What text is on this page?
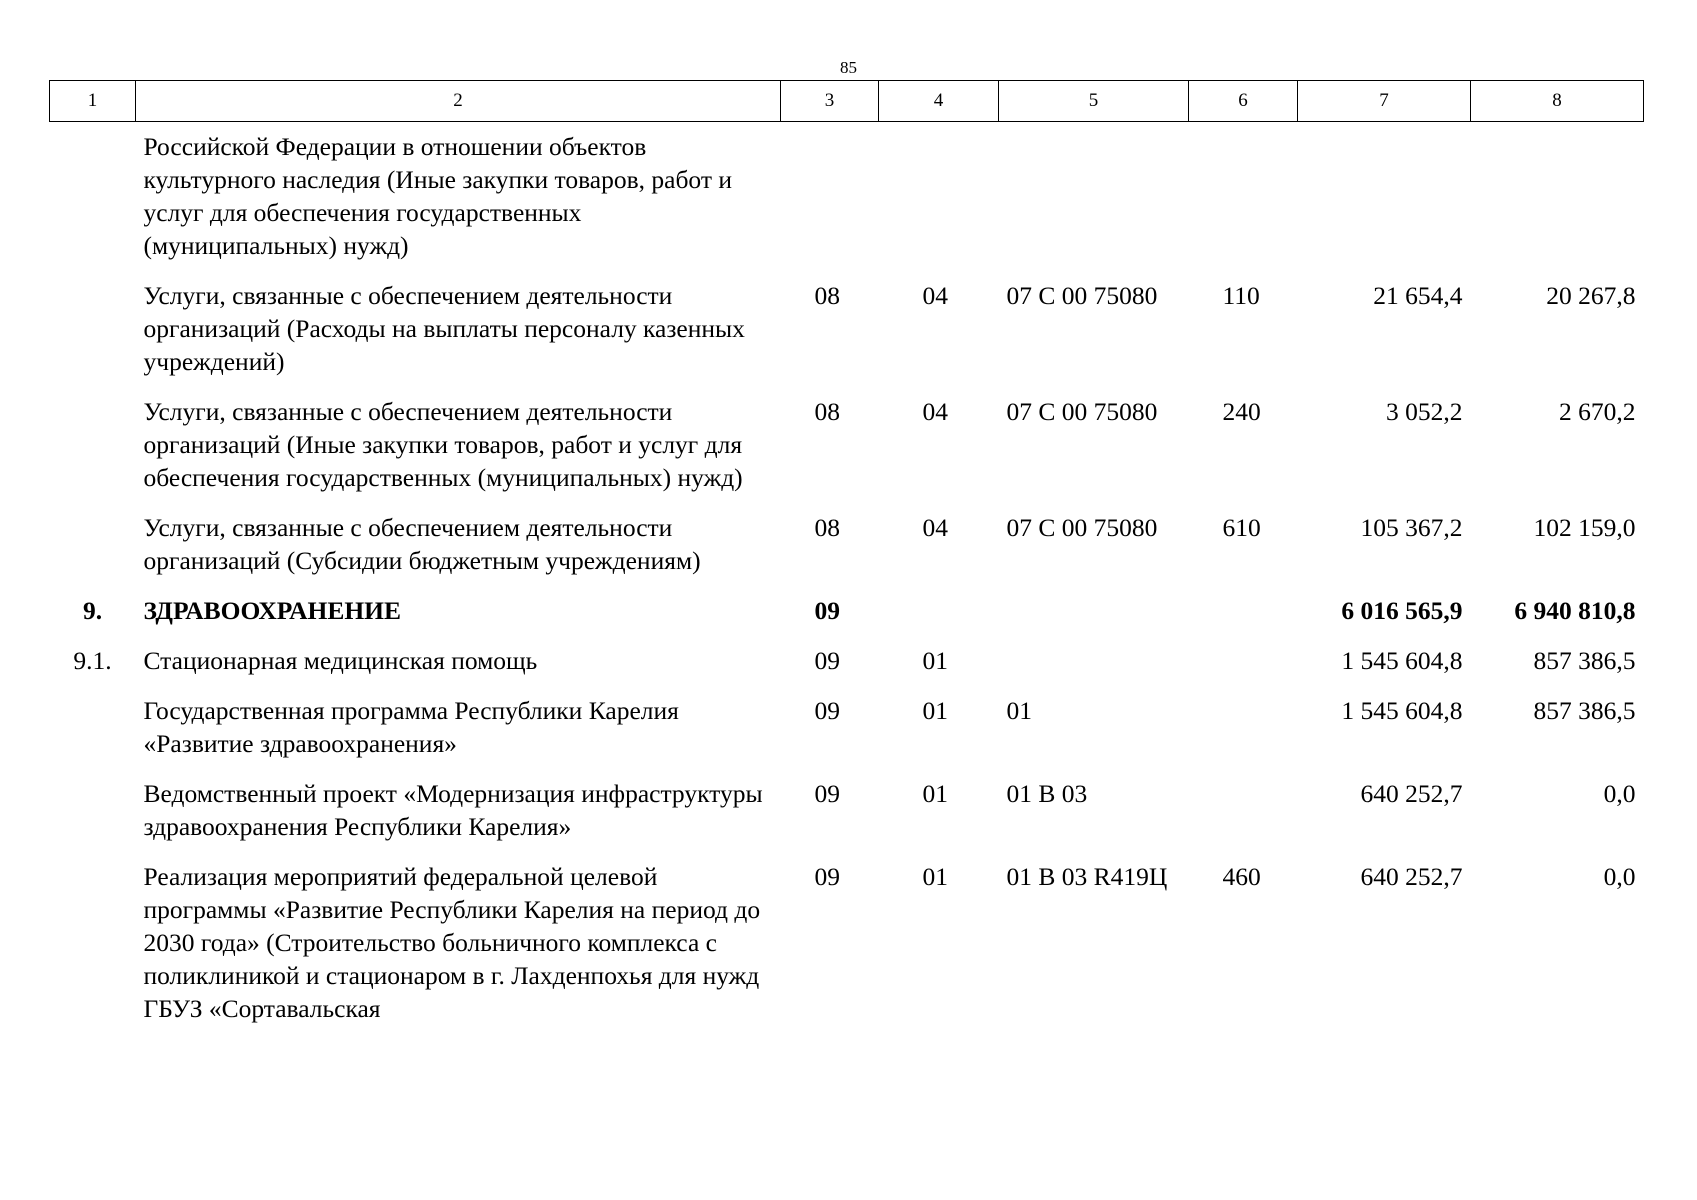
85
1	2	3	4	5	6	7	8
	Российской Федерации в отношении объектов культурного наследия (Иные закупки товаров, работ и услуг для обеспечения государственных (муниципальных) нужд)						
	Услуги, связанные с обеспечением деятельности организаций (Расходы на выплаты персоналу казенных учреждений)	08	04	07 С 00 75080	110	21 654,4	20 267,8
	Услуги, связанные с обеспечением деятельности организаций (Иные закупки товаров, работ и услуг для обеспечения государственных (муниципальных) нужд)	08	04	07 С 00 75080	240	3 052,2	2 670,2
	Услуги, связанные с обеспечением деятельности организаций (Субсидии бюджетным учреждениям)	08	04	07 С 00 75080	610	105 367,2	102 159,0
9.	ЗДРАВООХРАНЕНИЕ	09				6 016 565,9	6 940 810,8
9.1.	Стационарная медицинская помощь	09	01			1 545 604,8	857 386,5
	Государственная программа Республики Карелия «Развитие здравоохранения»	09	01	01		1 545 604,8	857 386,5
	Ведомственный проект «Модернизация инфраструктуры здравоохранения Республики Карелия»	09	01	01 В 03		640 252,7	0,0
	Реализация мероприятий федеральной целевой программы «Развитие Республики Карелия на период до 2030 года» (Строительство больничного комплекса с поликлиникой и стационаром в г. Лахденпохья для нужд ГБУЗ «Сортавальская	09	01	01 В 03 R419Ц	460	640 252,7	0,0
